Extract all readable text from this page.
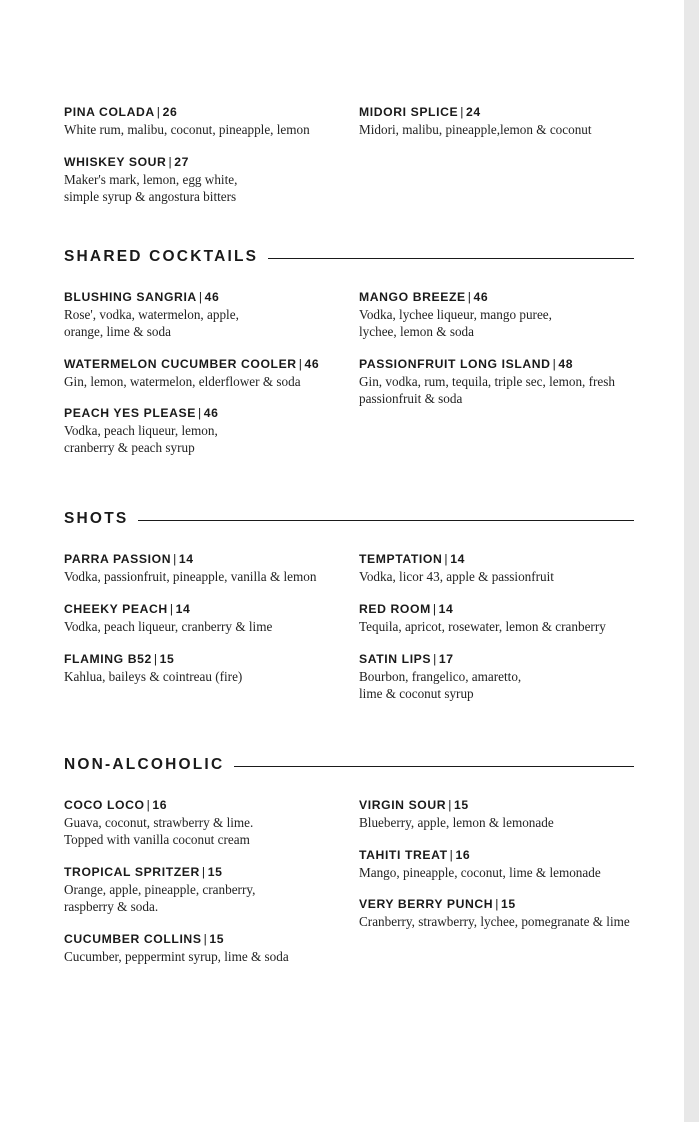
PINA COLADA | 26
White rum, malibu, coconut, pineapple, lemon
MIDORI SPLICE | 24
Midori, malibu, pineapple,lemon & coconut
WHISKEY SOUR | 27
Maker's mark, lemon, egg white,
simple syrup & angostura bitters
SHARED COCKTAILS
BLUSHING SANGRIA | 46
Rose', vodka, watermelon, apple,
orange, lime & soda
MANGO BREEZE | 46
Vodka, lychee liqueur, mango puree,
lychee, lemon & soda
WATERMELON CUCUMBER COOLER | 46
Gin, lemon, watermelon, elderflower & soda
PASSIONFRUIT LONG ISLAND | 48
Gin, vodka, rum, tequila, triple sec, lemon, fresh
passionfruit & soda
PEACH YES PLEASE | 46
Vodka, peach liqueur, lemon,
cranberry & peach syrup
SHOTS
PARRA PASSION | 14
Vodka, passionfruit, pineapple, vanilla & lemon
TEMPTATION | 14
Vodka, licor 43, apple & passionfruit
CHEEKY PEACH | 14
Vodka, peach liqueur, cranberry & lime
RED ROOM | 14
Tequila, apricot, rosewater, lemon & cranberry
FLAMING B52 | 15
Kahlua, baileys & cointreau (fire)
SATIN LIPS | 17
Bourbon, frangelico, amaretto,
lime & coconut syrup
NON-ALCOHOLIC
COCO LOCO | 16
Guava, coconut, strawberry & lime.
Topped with vanilla coconut cream
VIRGIN SOUR | 15
Blueberry, apple, lemon & lemonade
TAHITI TREAT | 16
Mango, pineapple, coconut, lime & lemonade
TROPICAL SPRITZER | 15
Orange, apple, pineapple, cranberry,
raspberry & soda.	VERY BERRY PUNCH | 15
Cranberry, strawberry, lychee, pomegranate & lime
CUCUMBER COLLINS | 15
Cucumber, peppermint syrup, lime & soda
